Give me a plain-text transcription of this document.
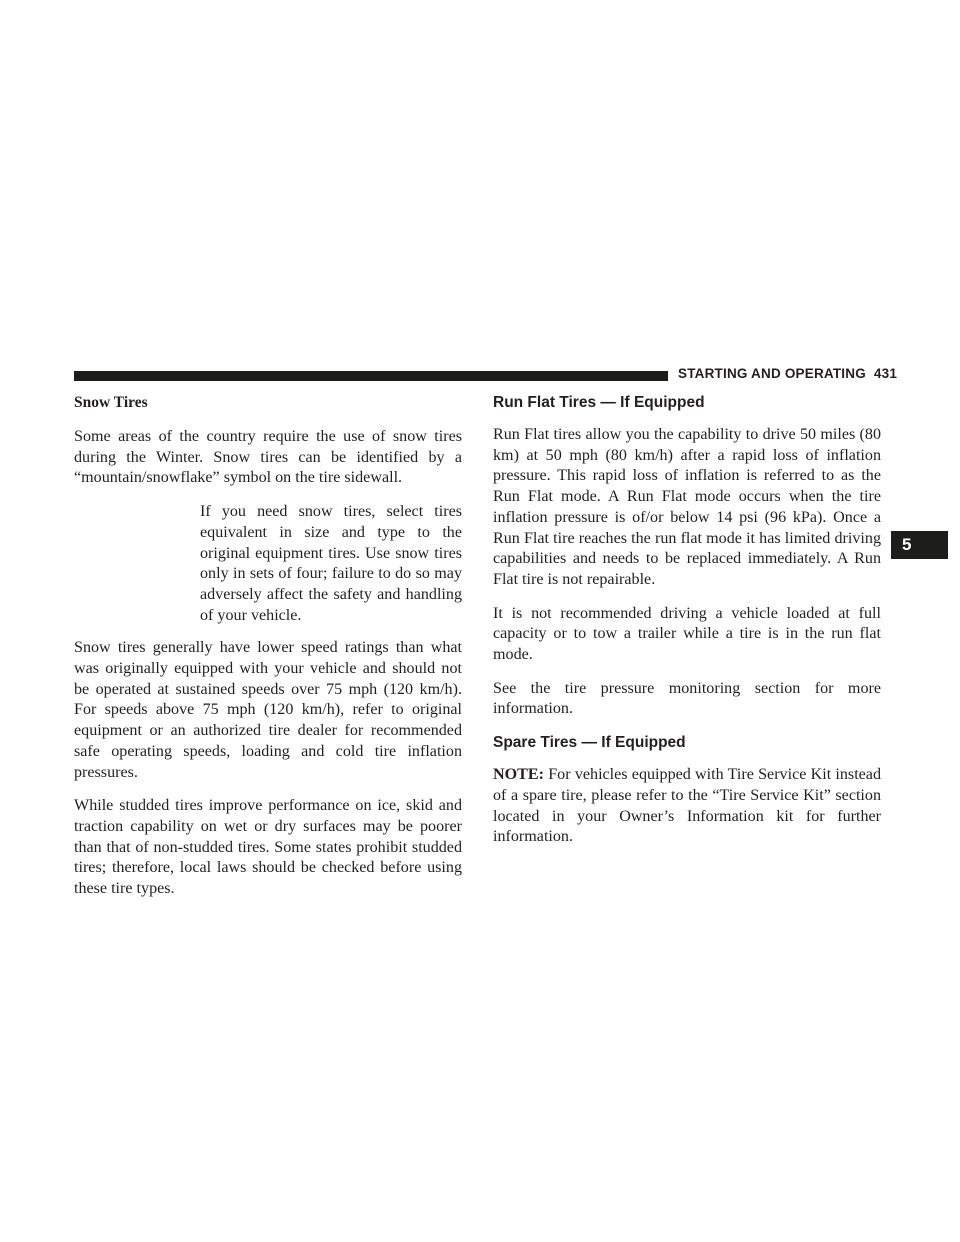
STARTING AND OPERATING 431
5
Snow Tires

Some areas of the country require the use of snow tires during the Winter. Snow tires can be identified by a “mountain/snowflake” symbol on the tire sidewall.

If you need snow tires, select tires equivalent in size and type to the original equipment tires. Use snow tires only in sets of four; failure to do so may adversely affect the safety and handling of your vehicle.

Snow tires generally have lower speed ratings than what was originally equipped with your vehicle and should not be operated at sustained speeds over 75 mph (120 km/h). For speeds above 75 mph (120 km/h), refer to original equipment or an authorized tire dealer for recommended safe operating speeds, loading and cold tire inflation pressures.

While studded tires improve performance on ice, skid and traction capability on wet or dry surfaces may be poorer than that of non-studded tires. Some states prohibit studded tires; therefore, local laws should be checked before using these tire types.

Run Flat Tires — If Equipped

Run Flat tires allow you the capability to drive 50 miles (80 km) at 50 mph (80 km/h) after a rapid loss of inflation pressure. This rapid loss of inflation is referred to as the Run Flat mode. A Run Flat mode occurs when the tire inflation pressure is of/or below 14 psi (96 kPa). Once a Run Flat tire reaches the run flat mode it has limited driving capabilities and needs to be replaced immediately. A Run Flat tire is not repairable.

It is not recommended driving a vehicle loaded at full capacity or to tow a trailer while a tire is in the run flat mode.

See the tire pressure monitoring section for more information.

Spare Tires — If Equipped

NOTE: For vehicles equipped with Tire Service Kit instead of a spare tire, please refer to the “Tire Service Kit” section located in your Owner’s Information kit for further information.
